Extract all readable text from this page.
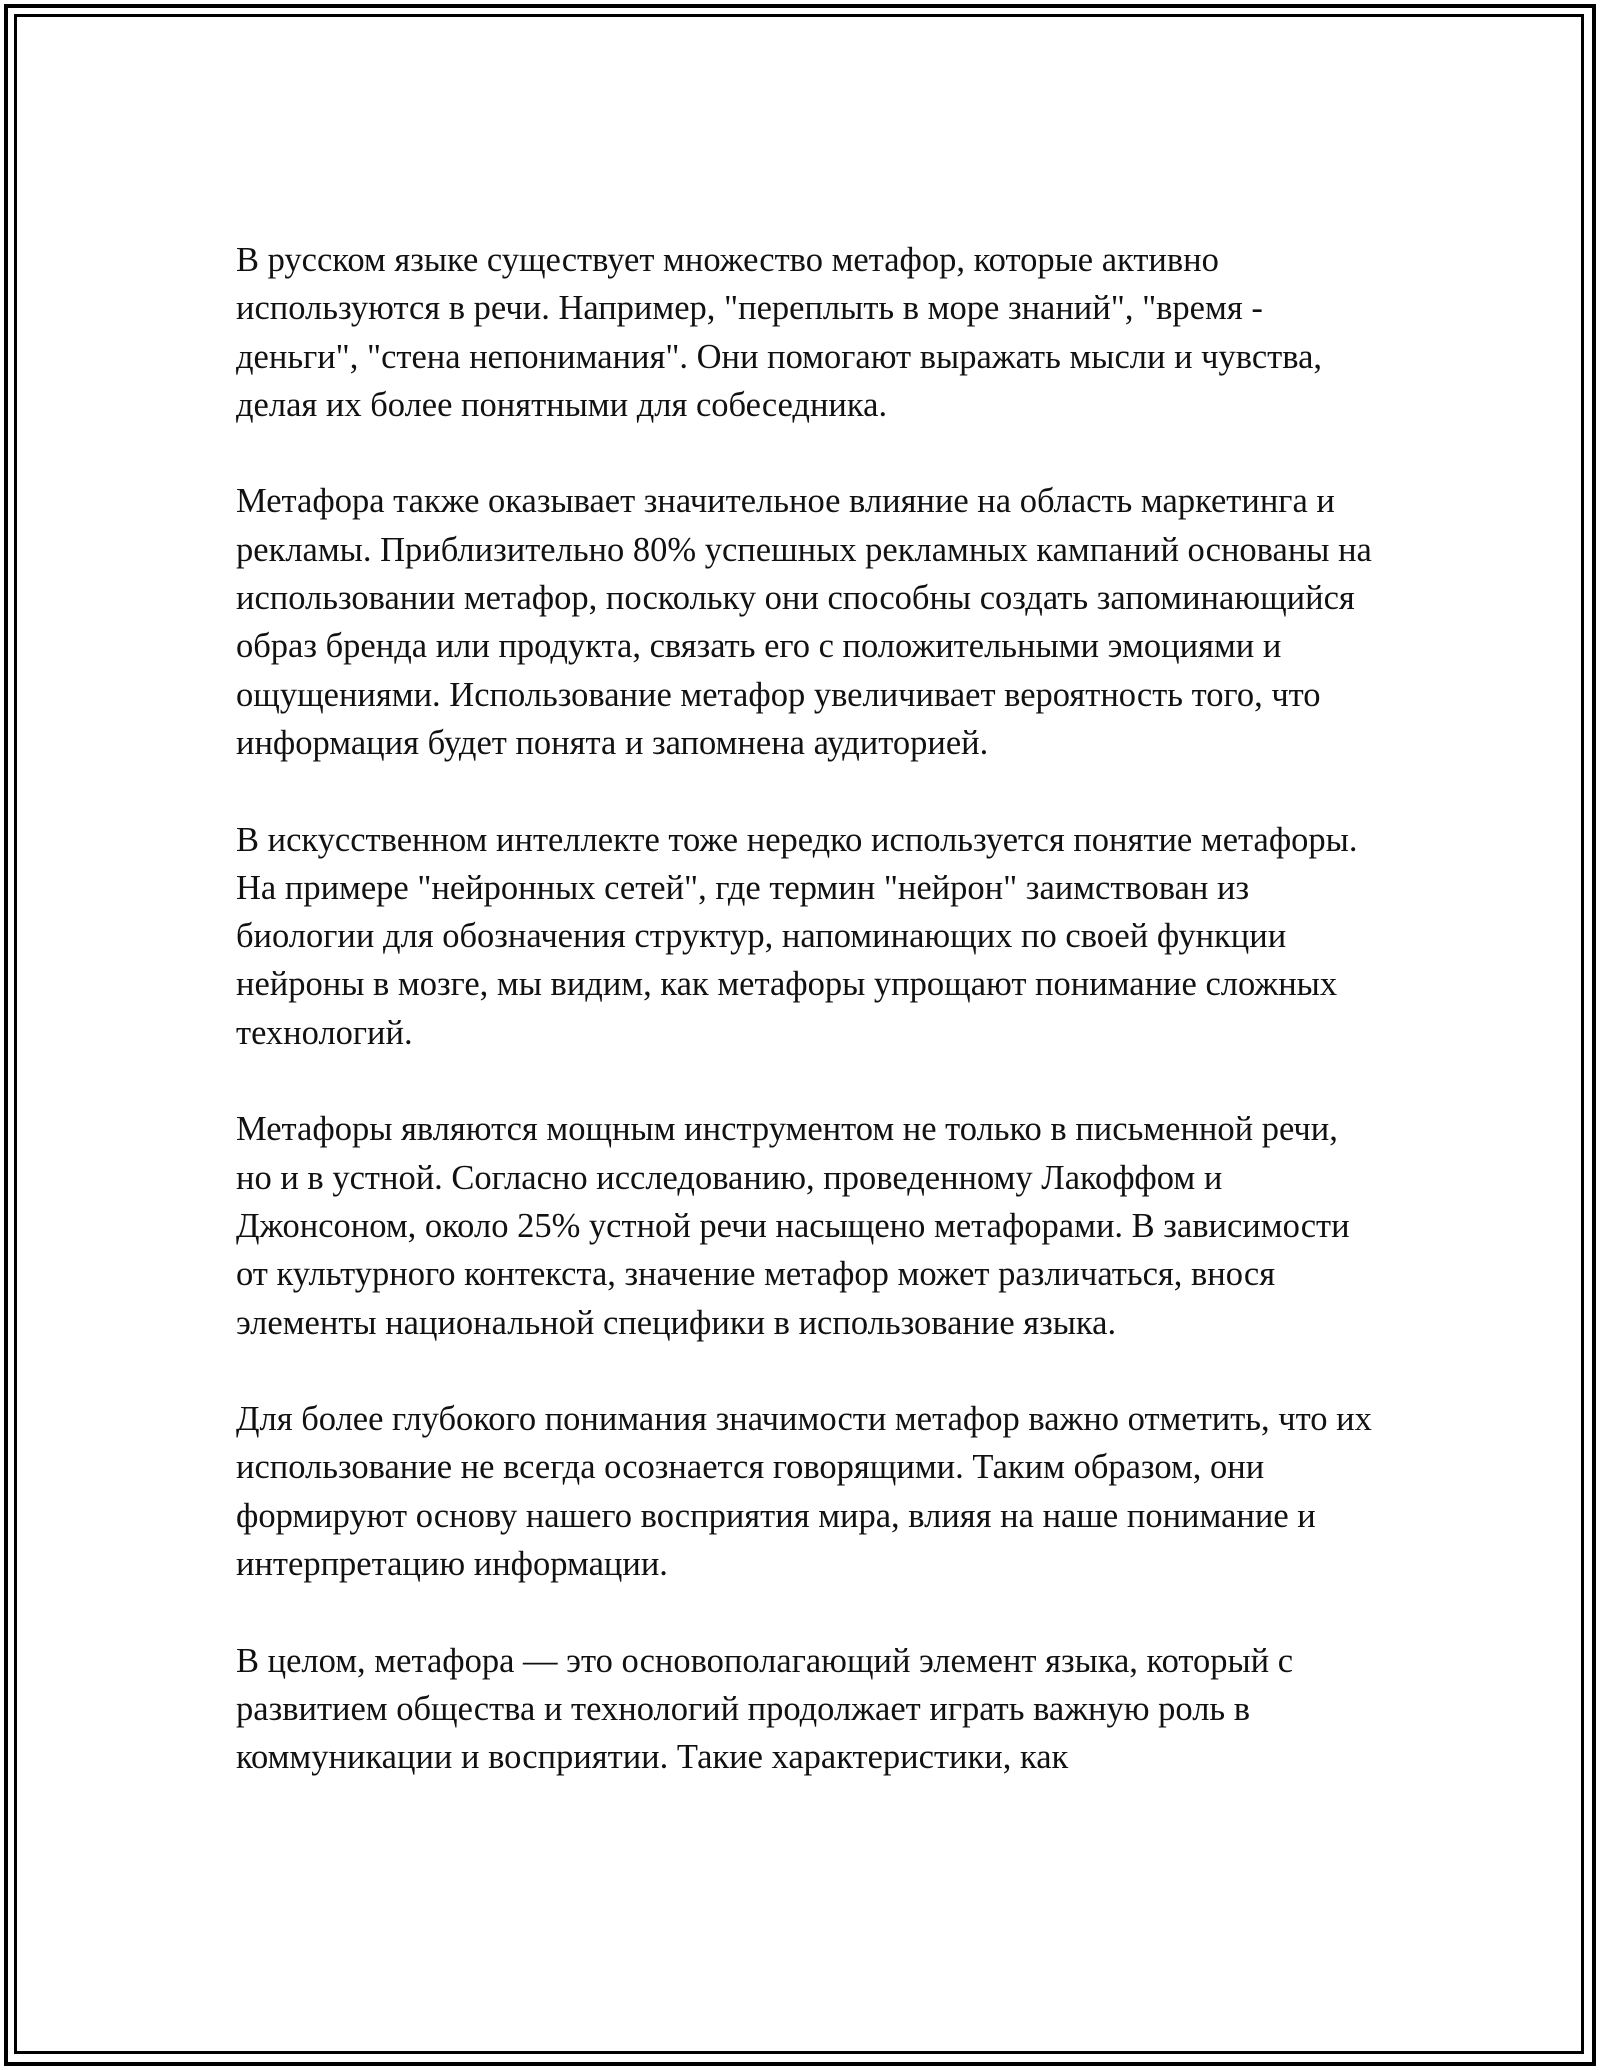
В русском языке существует множество метафор, которые активно используются в речи. Например, "переплыть в море знаний", "время - деньги", "стена непонимания". Они помогают выражать мысли и чувства, делая их более понятными для собеседника.

Метафора также оказывает значительное влияние на область маркетинга и рекламы. Приблизительно 80% успешных рекламных кампаний основаны на использовании метафор, поскольку они способны создать запоминающийся образ бренда или продукта, связать его с положительными эмоциями и ощущениями. Использование метафор увеличивает вероятность того, что информация будет понята и запомнена аудиторией.

В искусственном интеллекте тоже нередко используется понятие метафоры. На примере "нейронных сетей", где термин "нейрон" заимствован из биологии для обозначения структур, напоминающих по своей функции нейроны в мозге, мы видим, как метафоры упрощают понимание сложных технологий.

Метафоры являются мощным инструментом не только в письменной речи, но и в устной. Согласно исследованию, проведенному Лакоффом и Джонсоном, около 25% устной речи насыщено метафорами. В зависимости от культурного контекста, значение метафор может различаться, внося элементы национальной специфики в использование языка.

Для более глубокого понимания значимости метафор важно отметить, что их использование не всегда осознается говорящими. Таким образом, они формируют основу нашего восприятия мира, влияя на наше понимание и интерпретацию информации.

В целом, метафора — это основополагающий элемент языка, который с развитием общества и технологий продолжает играть важную роль в коммуникации и восприятии. Такие характеристики, как
